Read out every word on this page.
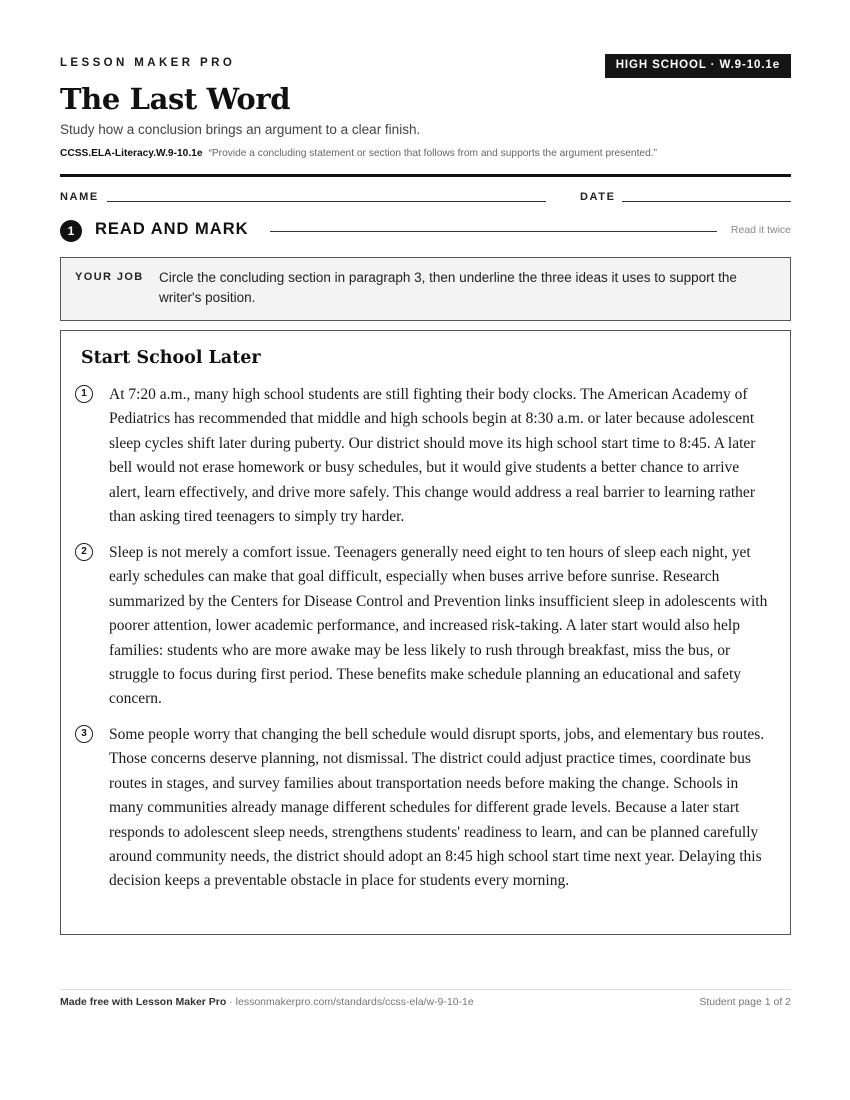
LESSON MAKER PRO	HIGH SCHOOL · W.9-10.1e
The Last Word
Study how a conclusion brings an argument to a clear finish.
CCSS.ELA-Literacy.W.9-10.1e “Provide a concluding statement or section that follows from and supports the argument presented.”
NAME	DATE
1	READ AND MARK	Read it twice
YOUR JOB Circle the concluding section in paragraph 3, then underline the three ideas it uses to support the writer's position.
Start School Later
1	At 7:20 a.m., many high school students are still fighting their body clocks. The American Academy of Pediatrics has recommended that middle and high schools begin at 8:30 a.m. or later because adolescent sleep cycles shift later during puberty. Our district should move its high school start time to 8:45. A later bell would not erase homework or busy schedules, but it would give students a better chance to arrive alert, learn effectively, and drive more safely. This change would address a real barrier to learning rather than asking tired teenagers to simply try harder.

2	Sleep is not merely a comfort issue. Teenagers generally need eight to ten hours of sleep each night, yet early schedules can make that goal difficult, especially when buses arrive before sunrise. Research summarized by the Centers for Disease Control and Prevention links insufficient sleep in adolescents with poorer attention, lower academic performance, and increased risk-taking. A later start would also help families: students who are more awake may be less likely to rush through breakfast, miss the bus, or struggle to focus during first period. These benefits make schedule planning an educational and safety concern.

3	Some people worry that changing the bell schedule would disrupt sports, jobs, and elementary bus routes. Those concerns deserve planning, not dismissal. The district could adjust practice times, coordinate bus routes in stages, and survey families about transportation needs before making the change. Schools in many communities already manage different schedules for different grade levels. Because a later start responds to adolescent sleep needs, strengthens students' readiness to learn, and can be planned carefully around community needs, the district should adopt an 8:45 high school start time next year. Delaying this decision keeps a preventable obstacle in place for students every morning.

Made free with Lesson Maker Pro · lessonmakerpro.com/standards/ccss-ela/w-9-10-1e	Student page 1 of 2
